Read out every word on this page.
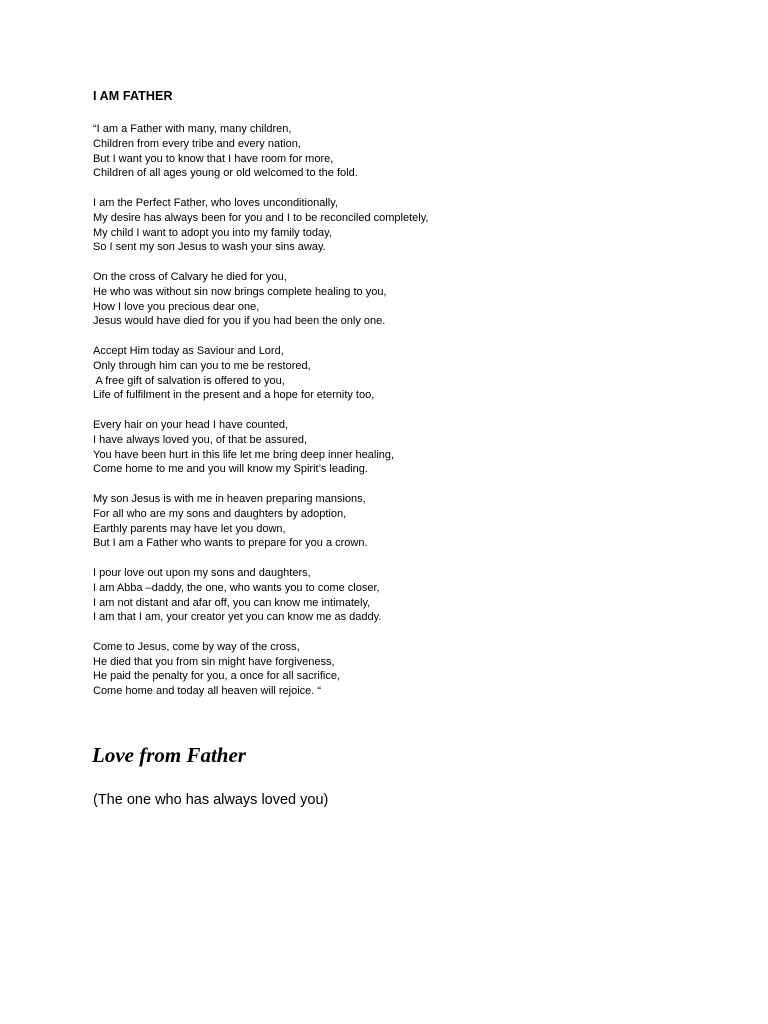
I AM FATHER
“I am a Father with many, many children,
Children from every tribe and every nation,
But I want you to know that I have room for more,
Children of all ages young or old welcomed to the fold.
I am the Perfect Father, who loves unconditionally,
My desire has always been for you and I to be reconciled completely,
My child I want to adopt you into my family today,
So I sent my son Jesus to wash your sins away.
On the cross of Calvary he died for you,
He who was without sin now brings complete healing to you,
How I love you precious dear one,
Jesus would have died for you if you had been the only one.
Accept Him today as Saviour and Lord,
Only through him can you to me be restored,
A free gift of salvation is offered to you,
Life of fulfilment in the present and a hope for eternity too,
Every hair on your head I have counted,
I have always loved you, of that be assured,
You have been hurt in this life let me bring deep inner healing,
Come home to me and you will know my Spirit’s leading.
My son Jesus is with me in heaven preparing mansions,
For all who are my sons and daughters by adoption,
Earthly parents may have let you down,
But I am a Father who wants to prepare for you a crown.
I pour love out upon my sons and daughters,
I am Abba –daddy, the one, who wants you to come closer,
I am not distant and afar off, you can know me intimately,
I am that I am, your creator yet you can know me as daddy.
Come to Jesus, come by way of the cross,
He died that you from sin might have forgiveness,
He paid the penalty for you, a once for all sacrifice,
Come home and today all heaven will rejoice. “
Love from Father
(The one who has always loved you)
